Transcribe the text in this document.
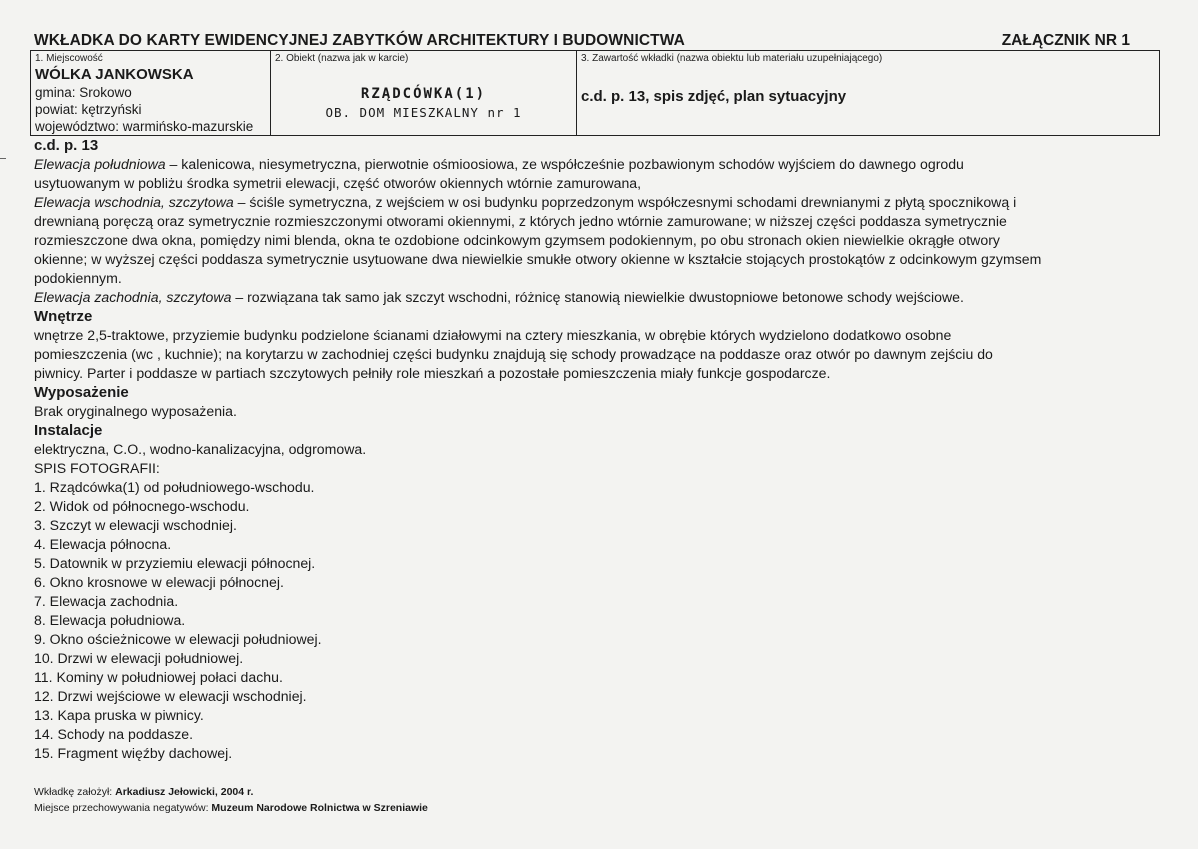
WKŁADKA DO KARTY EWIDENCYJNEJ ZABYTKÓW ARCHITEKTURY I BUDOWNICTWA	ZAŁĄCZNIK NR 1
1. Miejscowość
WÓLKA JANKOWSKA
gmina: Srokowo
powiat: kętrzyński
województwo: warmińsko-mazurskie
2. Obiekt (nazwa jak w karcie)
RZĄDCÓWKA(1)
OB. DOM MIESZKALNY nr 1
3. Zawartość wkładki (nazwa obiektu lub materiału uzupełniającego)
c.d. p. 13, spis zdjęć, plan sytuacyjny

c.d. p. 13

Elewacja południowa – kalenicowa, niesymetryczna, pierwotnie ośmioosiowa, ze współcześnie pozbawionym schodów wyjściem do dawnego ogrodu

usytuowanym w pobliżu środka symetrii elewacji, część otworów okiennych wtórnie zamurowana,

Elewacja wschodnia, szczytowa – ściśle symetryczna, z wejściem w osi budynku poprzedzonym współczesnymi schodami drewnianymi z płytą spocznikową i

drewnianą poręczą oraz symetrycznie rozmieszczonymi otworami okiennymi, z których jedno wtórnie zamurowane; w niższej części poddasza symetrycznie

rozmieszczone dwa okna, pomiędzy nimi blenda, okna te ozdobione odcinkowym gzymsem podokiennym, po obu stronach okien niewielkie okrągłe otwory

okienne; w wyższej części poddasza symetrycznie usytuowane dwa niewielkie smukłe otwory okienne w kształcie stojących prostokątów z odcinkowym gzymsem

podokiennym.

Elewacja zachodnia, szczytowa – rozwiązana tak samo jak szczyt wschodni, różnicę stanowią niewielkie dwustopniowe betonowe schody wejściowe.

Wnętrze

wnętrze 2,5-traktowe, przyziemie budynku podzielone ścianami działowymi na cztery mieszkania, w obrębie których wydzielono dodatkowo osobne

pomieszczenia (wc , kuchnie); na korytarzu w zachodniej części budynku znajdują się schody prowadzące na poddasze oraz otwór po dawnym zejściu do

piwnicy. Parter i poddasze w partiach szczytowych pełniły role mieszkań a pozostałe pomieszczenia miały funkcje gospodarcze.

Wyposażenie

Brak oryginalnego wyposażenia.

Instalacje

elektryczna, C.O., wodno-kanalizacyjna, odgromowa.

SPIS FOTOGRAFII:

1. Rządcówka(1) od południowego-wschodu.

2. Widok od północnego-wschodu.

3. Szczyt w elewacji wschodniej.

4. Elewacja północna.

5. Datownik w przyziemiu elewacji północnej.

6. Okno krosnowe w elewacji północnej.

7. Elewacja zachodnia.

8. Elewacja południowa.

9. Okno ościeżnicowe w elewacji południowej.

10. Drzwi w elewacji południowej.

11. Kominy w południowej połaci dachu.

12. Drzwi wejściowe w elewacji wschodniej.

13. Kapa pruska w piwnicy.

14. Schody na poddasze.

15. Fragment więźby dachowej.

Wkładkę założył: Arkadiusz Jełowicki, 2004 r.
Miejsce przechowywania negatywów: Muzeum Narodowe Rolnictwa w Szreniawie
